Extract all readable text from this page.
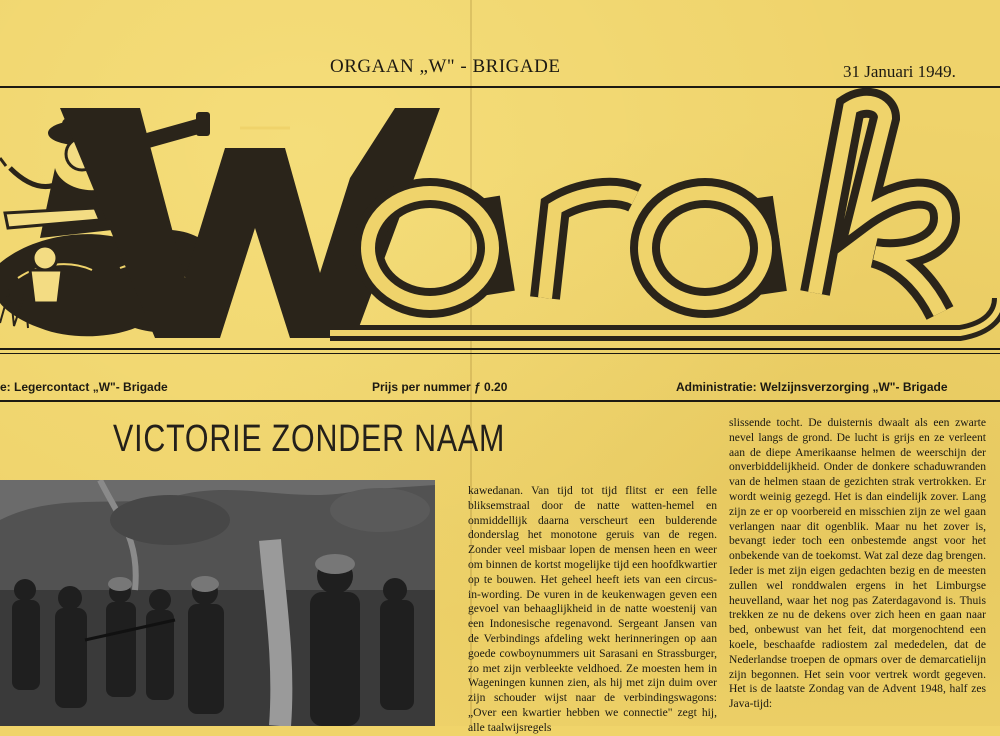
ORGAAN „W" - BRIGADE	31 Januari 1949.
e: Legercontact „W"- Brigade	Prijs per nummer ƒ 0.20	Administratie: Welzijnsverzorging „W"- Brigade
VICTORIE ZONDER NAAM

kawedanan. Van tijd tot tijd flitst er een felle bliksemstraal door de natte watten-hemel en onmiddellijk daarna verscheurt een bulderende donderslag het monotone geruis van de regen. Zonder veel misbaar lopen de mensen heen en weer om binnen de kortst mogelijke tijd een hoofdkwartier op te bouwen. Het geheel heeft iets van een circus-in-wording. De vuren in de keukenwagen geven een gevoel van behaaglijkheid in de natte woestenij van een Indonesische regenavond. Sergeant Jansen van de Verbindings afdeling wekt herinneringen op aan goede cowboynummers uit Sarasani en Strassburger, zo met zijn verbleekte veldhoed. Ze moesten hem in Wageningen kunnen zien, als hij met zijn duim over zijn schouder wijst naar de verbindingswagons: „Over een kwartier hebben we connectie" zegt hij, alle taalwijsregels

slissende tocht. De duisternis dwaalt als een zwarte nevel langs de grond. De lucht is grijs en ze verleent aan de diepe Amerikaanse helmen de weerschijn der onverbiddelijkheid. Onder de donkere schaduwranden van de helmen staan de gezichten strak vertrokken. Er wordt weinig gezegd. Het is dan eindelijk zover. Lang zijn ze er op voorbereid en misschien zijn ze wel gaan verlangen naar dit ogenblik. Maar nu het zover is, bevangt ieder toch een onbestemde angst voor het onbekende van de toekomst. Wat zal deze dag brengen. Ieder is met zijn eigen gedachten bezig en de meesten zullen wel ronddwalen ergens in het Limburgse heuvelland, waar het nog pas Zaterdagavond is. Thuis trekken ze nu de dekens over zich heen en gaan naar bed, onbewust van het feit, dat morgenochtend een koele, beschaafde radiostem zal mededelen, dat de Nederlandse troepen de opmars over de demarcatielijn zijn begonnen. Het sein voor vertrek wordt gegeven. Het is de laatste Zondag van de Advent 1948, half zes Java-tijd:
